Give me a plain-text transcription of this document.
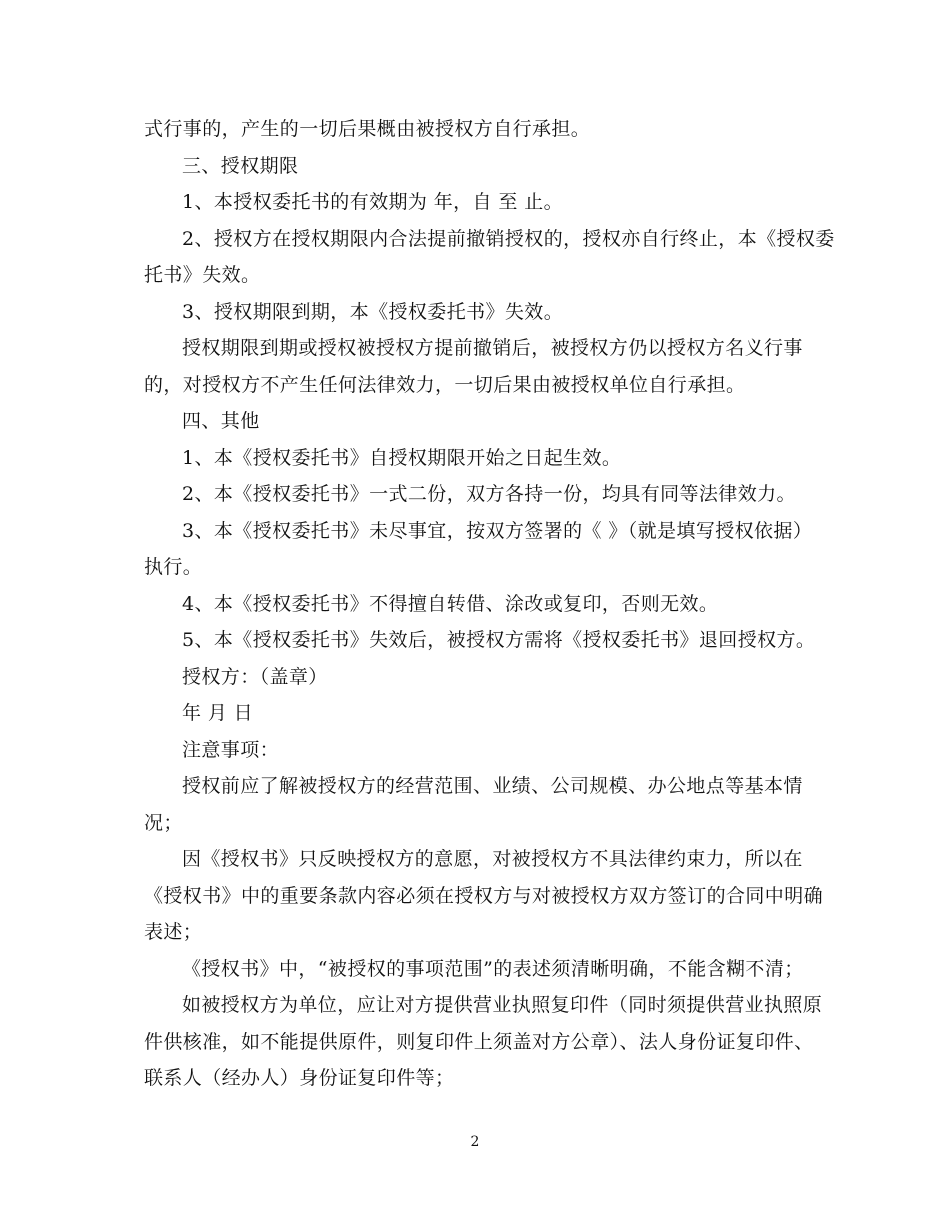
式行事的，产生的一切后果概由被授权方自行承担。

三、授权期限

1、本授权委托书的有效期为 年，自 至 止。

2、授权方在授权期限内合法提前撤销授权的，授权亦自行终止，本《授权委

托书》失效。

3、授权期限到期，本《授权委托书》失效。

授权期限到期或授权被授权方提前撤销后，被授权方仍以授权方名义行事

的，对授权方不产生任何法律效力，一切后果由被授权单位自行承担。

四、其他

1、本《授权委托书》自授权期限开始之日起生效。

2、本《授权委托书》一式二份，双方各持一份，均具有同等法律效力。

3、本《授权委托书》未尽事宜，按双方签署的《 》（就是填写授权依据）

执行。

4、本《授权委托书》不得擅自转借、涂改或复印，否则无效。

5、本《授权委托书》失效后，被授权方需将《授权委托书》退回授权方。

授权方：（盖章）

年 月 日

注意事项：

授权前应了解被授权方的经营范围、业绩、公司规模、办公地点等基本情

况；

因《授权书》只反映授权方的意愿，对被授权方不具法律约束力，所以在

《授权书》中的重要条款内容必须在授权方与对被授权方双方签订的合同中明确

表述；

《授权书》中，“被授权的事项范围”的表述须清晰明确，不能含糊不清；

如被授权方为单位，应让对方提供营业执照复印件（同时须提供营业执照原

件供核准，如不能提供原件，则复印件上须盖对方公章）、法人身份证复印件、

联系人（经办人）身份证复印件等；

2
